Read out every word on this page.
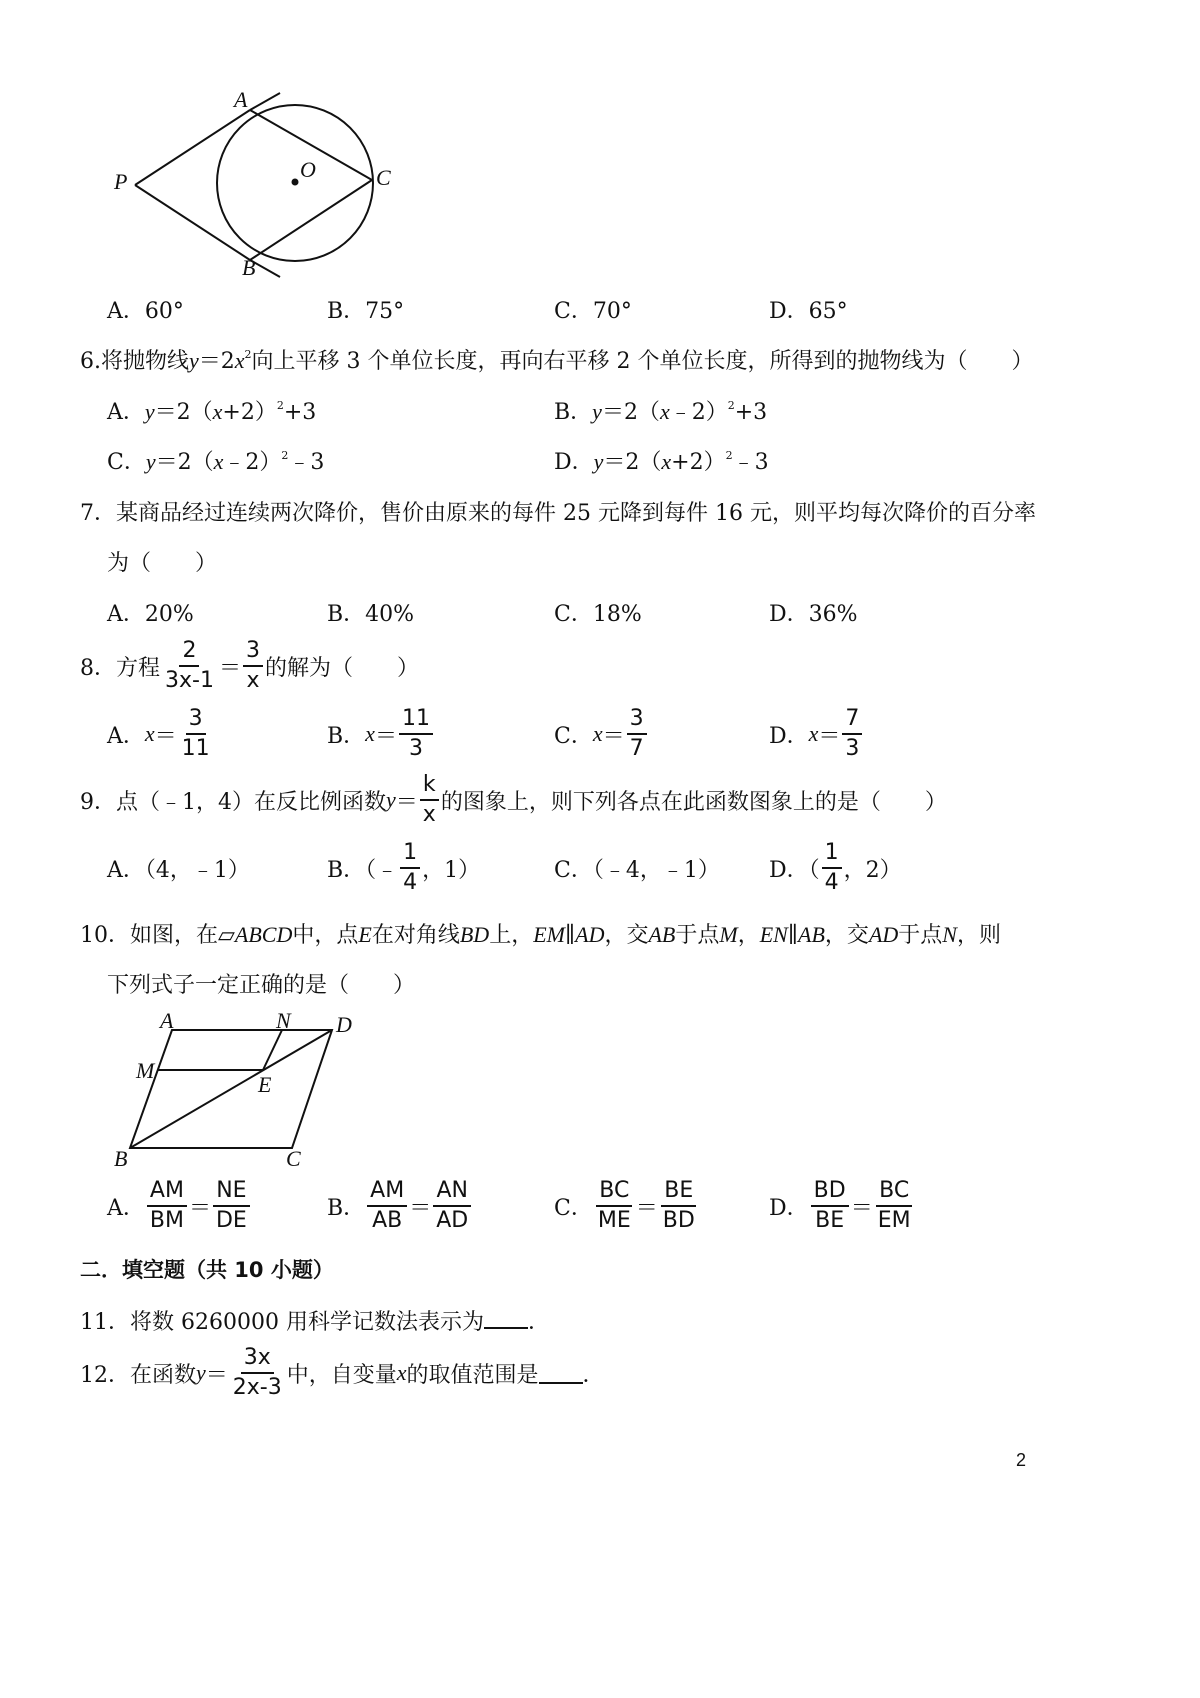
A
P	O	C
B
A．60°	B．75°	C．70°	D．65°
6.将抛物线$y=2x^2$向上平移 3 个单位长度，再向右平移 2 个单位长度，所得到的抛物线为（　　）
A．$y=2(x+2)^2+3$	B．y＝2（x﹣2）$^2$+3
C．y＝2（x﹣2）$^2$﹣3	D．$y=2(x+2)^2﹣3$
7．某商品经过连续两次降价，售价由原来的每件 25 元降到每件 16 元，则平均每次降价的百分率
为（　　）
A．20%	B．40%	C．18%	D．36%
8．方程 $\frac{2}{3x-1} = \frac{3}{x}$ 的解为（　　）
A． $x = \frac{3}{11}$	B． $x = \frac{11}{3}$	C． $x = \frac{3}{7}$	D． $x = \frac{7}{3}$
9．点（﹣1，4）在反比例函数 $y = \frac{k}{x}$ 的图象上，则下列各点在此函数图象上的是（　　）
A．（4，﹣1）	B．（﹣ $\frac{1}{4}$ ，1）	C．（﹣4，﹣1） D．（ $\frac{1}{4}$ ，2）
10．如图，在▱ABCD中，点E在对角线BD上，EM∥AD，交AB于点M，EN∥AB，交AD于点N，则
下列式子一定正确的是（　　）
A	N D
M
E
B	C
A． $\frac{AM}{BM} = \frac{NE}{DE}$	B． $\frac{AM}{AB} = \frac{AN}{AD}$	C． $\frac{BC}{ME} = \frac{BE}{BD}$	D． $\frac{BD}{BE} = \frac{BC}{EM}$
二．填空题（共 10 小题）
11．将数 6260000 用科学记数法表示为 ．
12．在函数 $y = \frac{3x}{2x-3}$ 中，自变量 x 的取值范围是 ．
2
